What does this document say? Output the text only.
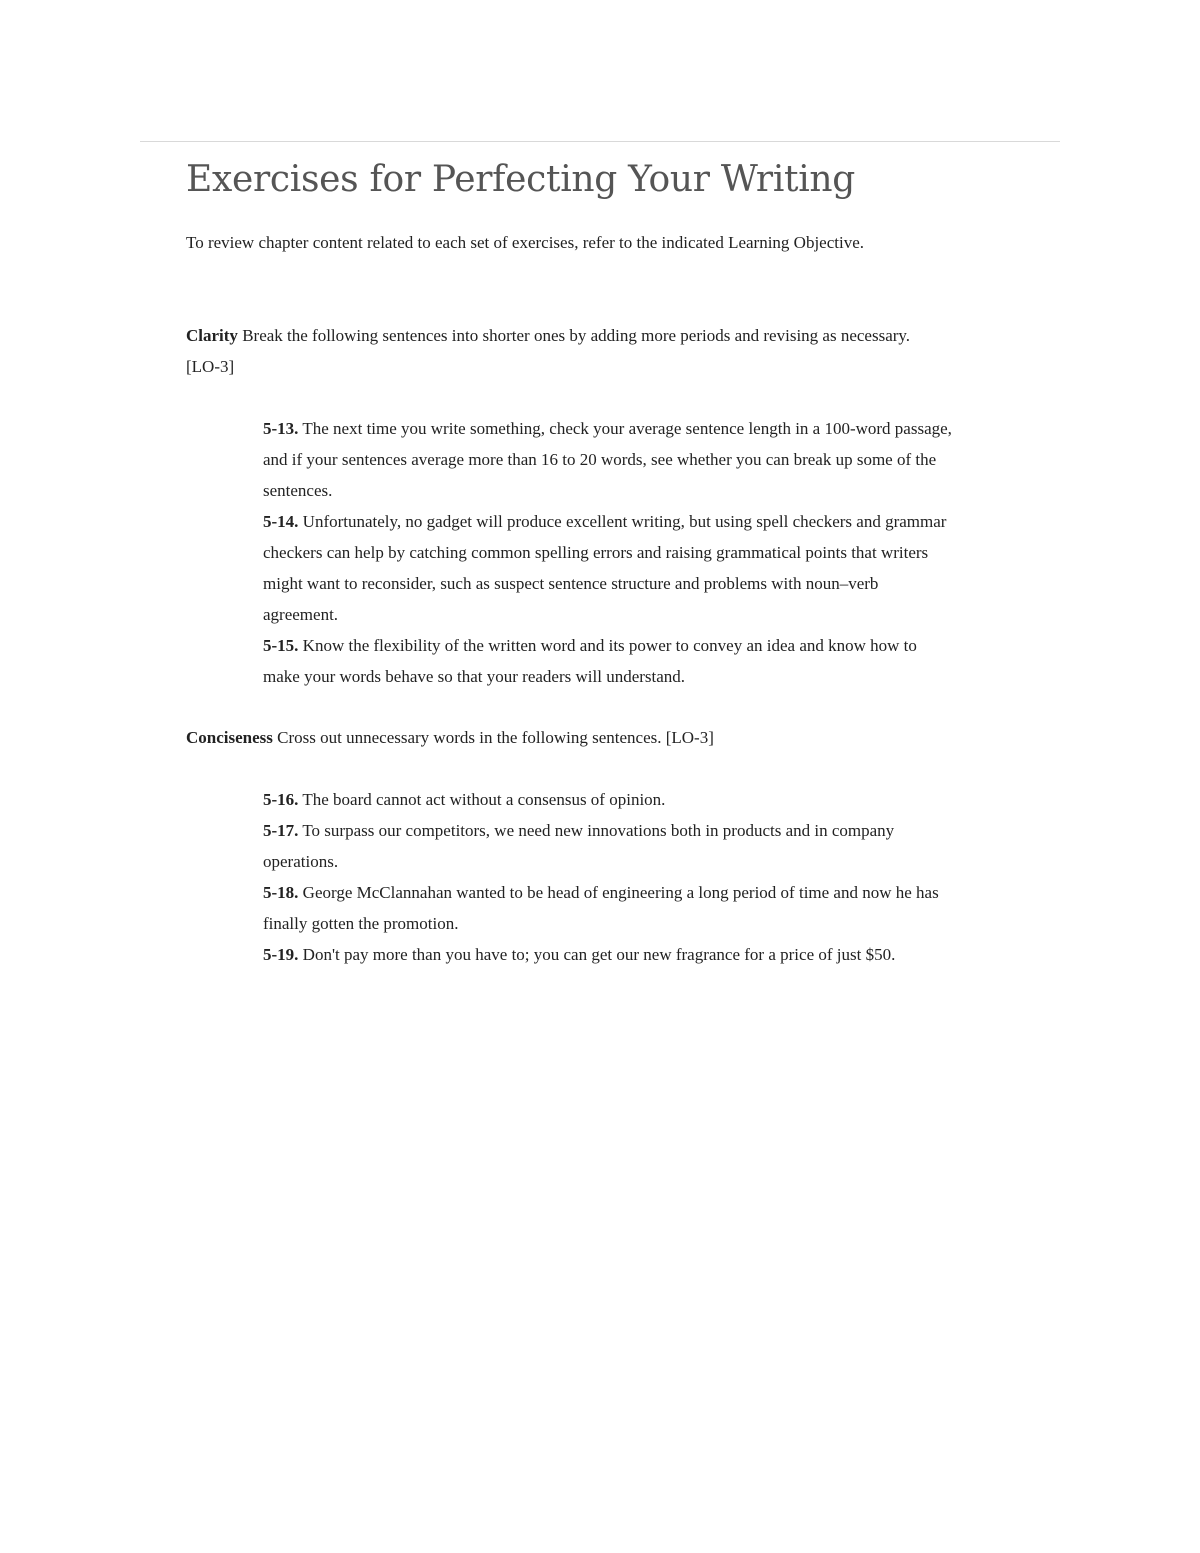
Exercises for Perfecting Your Writing

To review chapter content related to each set of exercises, refer to the indicated Learning Objective.

Clarity Break the following sentences into shorter ones by adding more periods and revising as necessary. [LO-3]

5-13. The next time you write something, check your average sentence length in a 100-word passage, and if your sentences average more than 16 to 20 words, see whether you can break up some of the sentences.
5-14. Unfortunately, no gadget will produce excellent writing, but using spell checkers and grammar checkers can help by catching common spelling errors and raising grammatical points that writers might want to reconsider, such as suspect sentence structure and problems with noun–verb agreement.
5-15. Know the flexibility of the written word and its power to convey an idea and know how to make your words behave so that your readers will understand.

Conciseness Cross out unnecessary words in the following sentences. [LO-3]

5-16. The board cannot act without a consensus of opinion.
5-17. To surpass our competitors, we need new innovations both in products and in company operations.
5-18. George McClannahan wanted to be head of engineering a long period of time and now he has finally gotten the promotion.
5-19. Don't pay more than you have to; you can get our new fragrance for a price of just $50.
